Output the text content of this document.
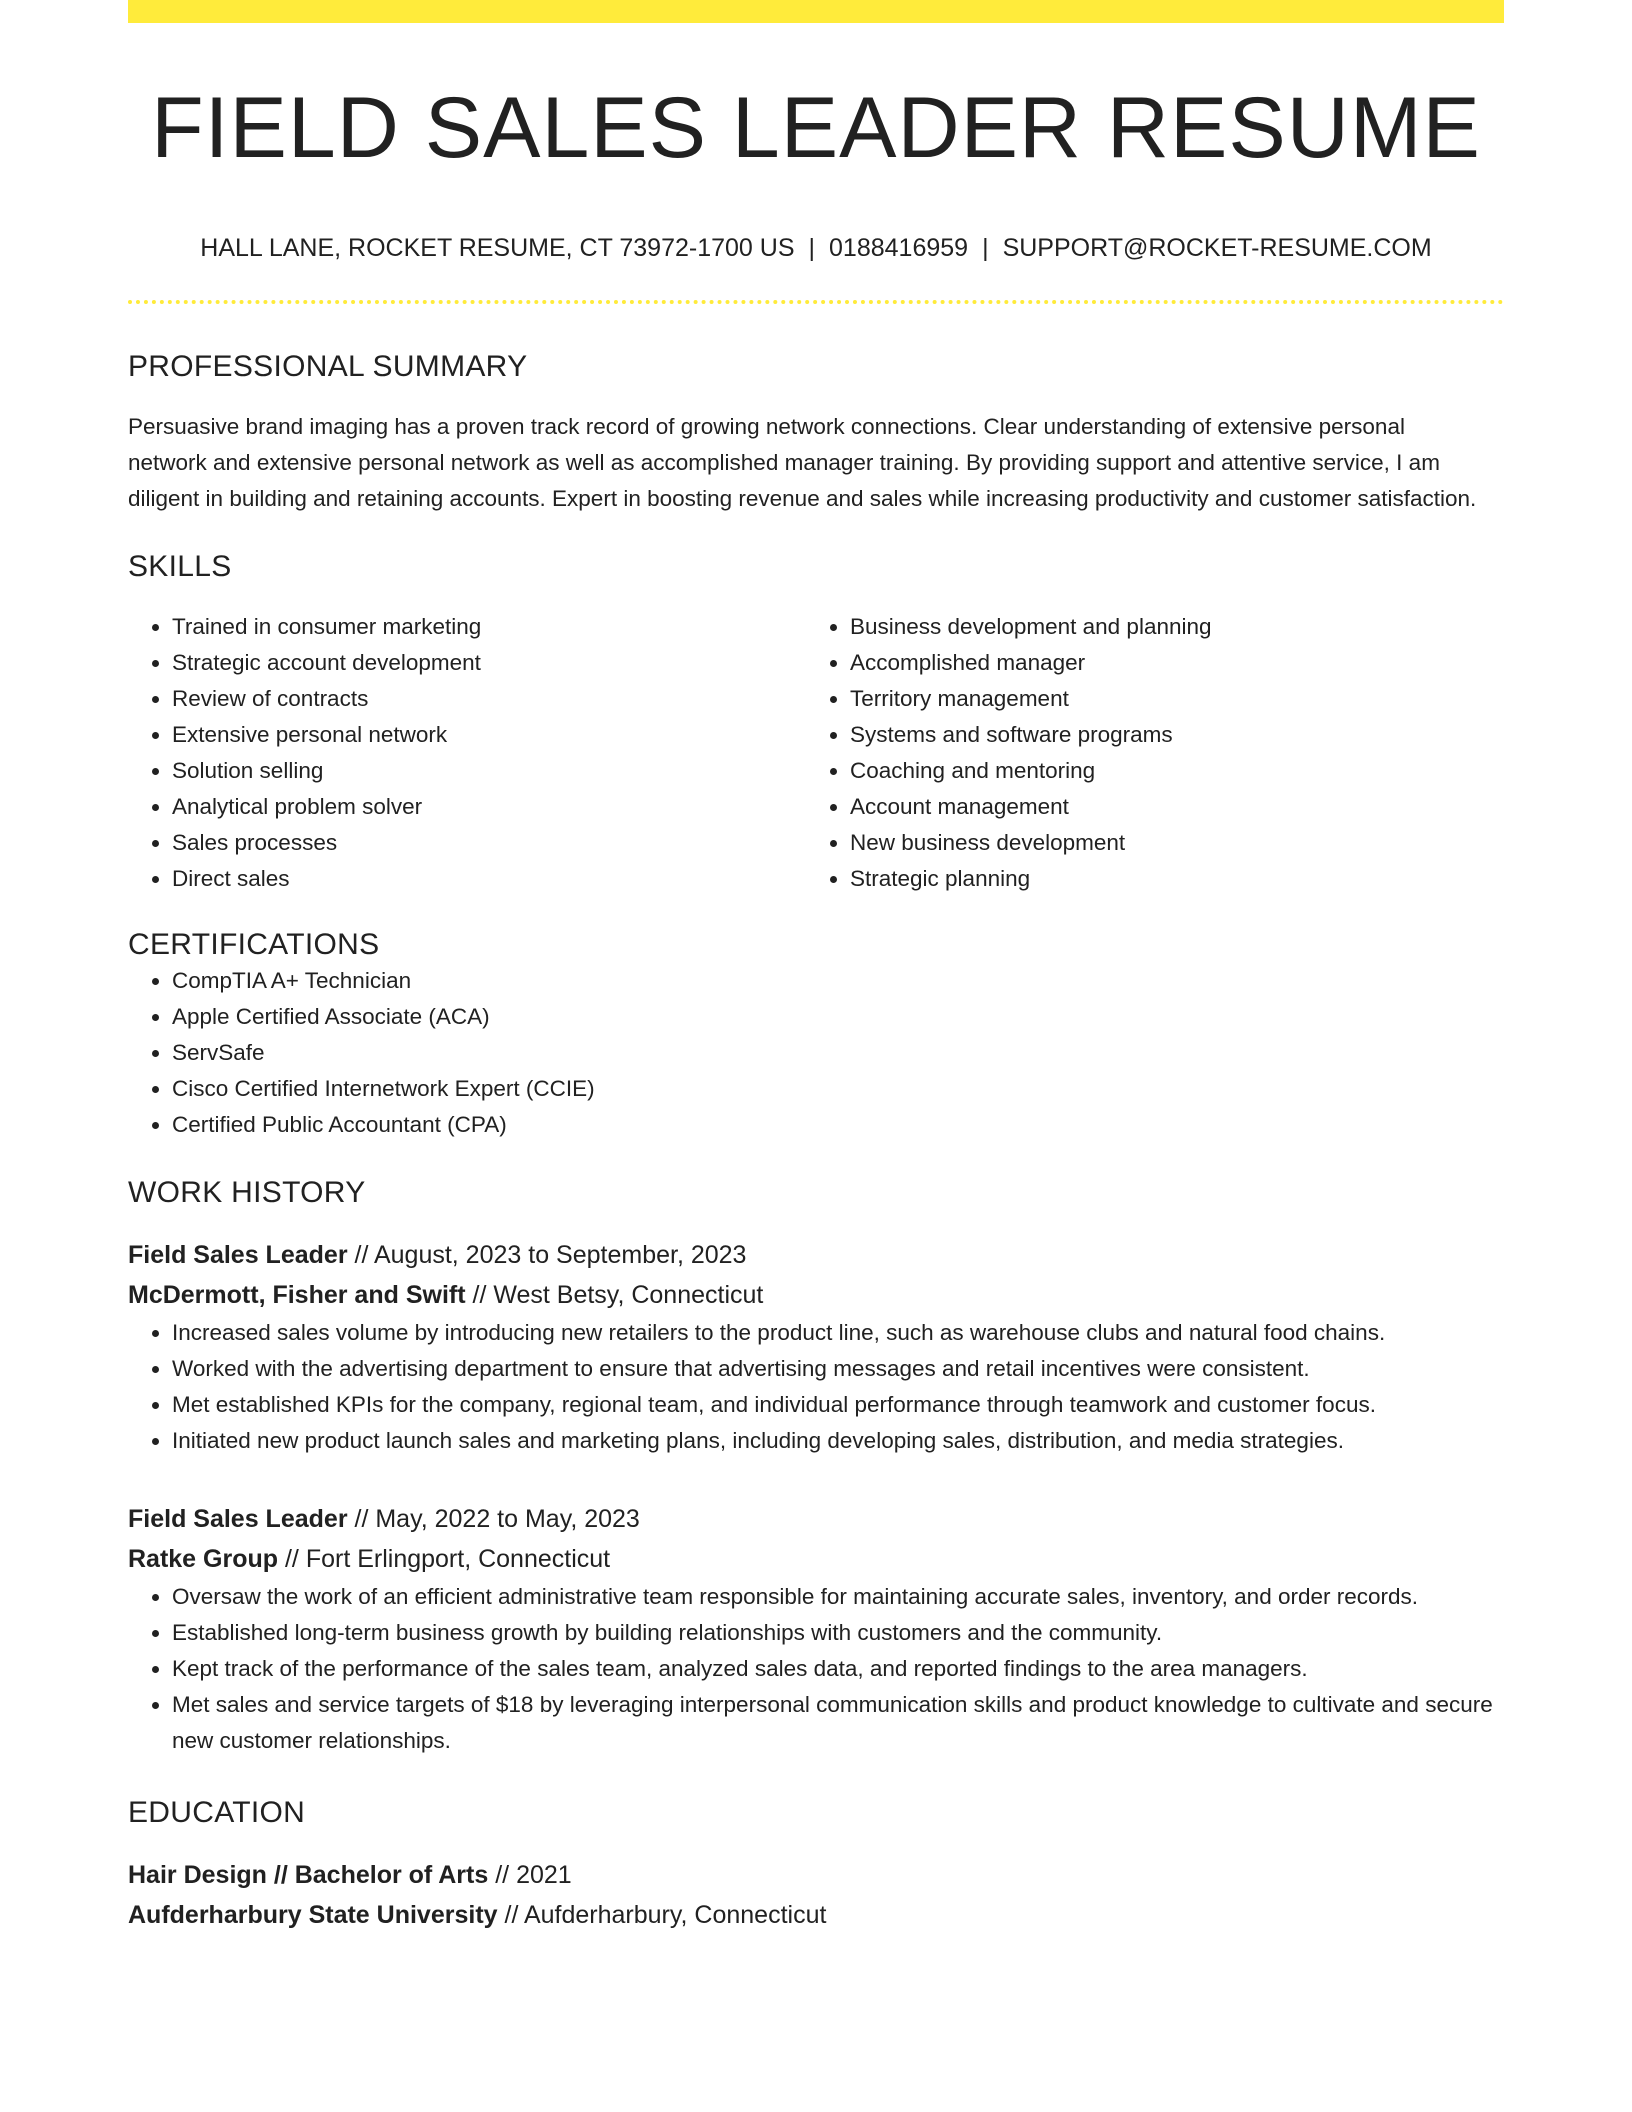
FIELD SALES LEADER RESUME
HALL LANE, ROCKET RESUME, CT 73972-1700 US | 0188416959 | SUPPORT@ROCKET-RESUME.COM
PROFESSIONAL SUMMARY

Persuasive brand imaging has a proven track record of growing network connections. Clear understanding of extensive personal network and extensive personal network as well as accomplished manager training. By providing support and attentive service, I am diligent in building and retaining accounts. Expert in boosting revenue and sales while increasing productivity and customer satisfaction.

SKILLS
• Trained in consumer marketing
• Strategic account development
• Review of contracts
• Extensive personal network
• Solution selling
• Analytical problem solver
• Sales processes
• Direct sales
• Business development and planning
• Accomplished manager
• Territory management
• Systems and software programs
• Coaching and mentoring
• Account management
• New business development
• Strategic planning
CERTIFICATIONS
• CompTIA A+ Technician
• Apple Certified Associate (ACA)
• ServSafe
• Cisco Certified Internetwork Expert (CCIE)
• Certified Public Accountant (CPA)
WORK HISTORY
Field Sales Leader // August, 2023 to September, 2023
McDermott, Fisher and Swift // West Betsy, Connecticut
• Increased sales volume by introducing new retailers to the product line, such as warehouse clubs and natural food chains.
• Worked with the advertising department to ensure that advertising messages and retail incentives were consistent.
• Met established KPIs for the company, regional team, and individual performance through teamwork and customer focus.
• Initiated new product launch sales and marketing plans, including developing sales, distribution, and media strategies.
Field Sales Leader // May, 2022 to May, 2023
Ratke Group // Fort Erlingport, Connecticut
• Oversaw the work of an efficient administrative team responsible for maintaining accurate sales, inventory, and order records.
• Established long-term business growth by building relationships with customers and the community.
• Kept track of the performance of the sales team, analyzed sales data, and reported findings to the area managers.
• Met sales and service targets of $18 by leveraging interpersonal communication skills and product knowledge to cultivate and secure new customer relationships.
EDUCATION
Hair Design // Bachelor of Arts // 2021
Aufderharbury State University // Aufderharbury, Connecticut
